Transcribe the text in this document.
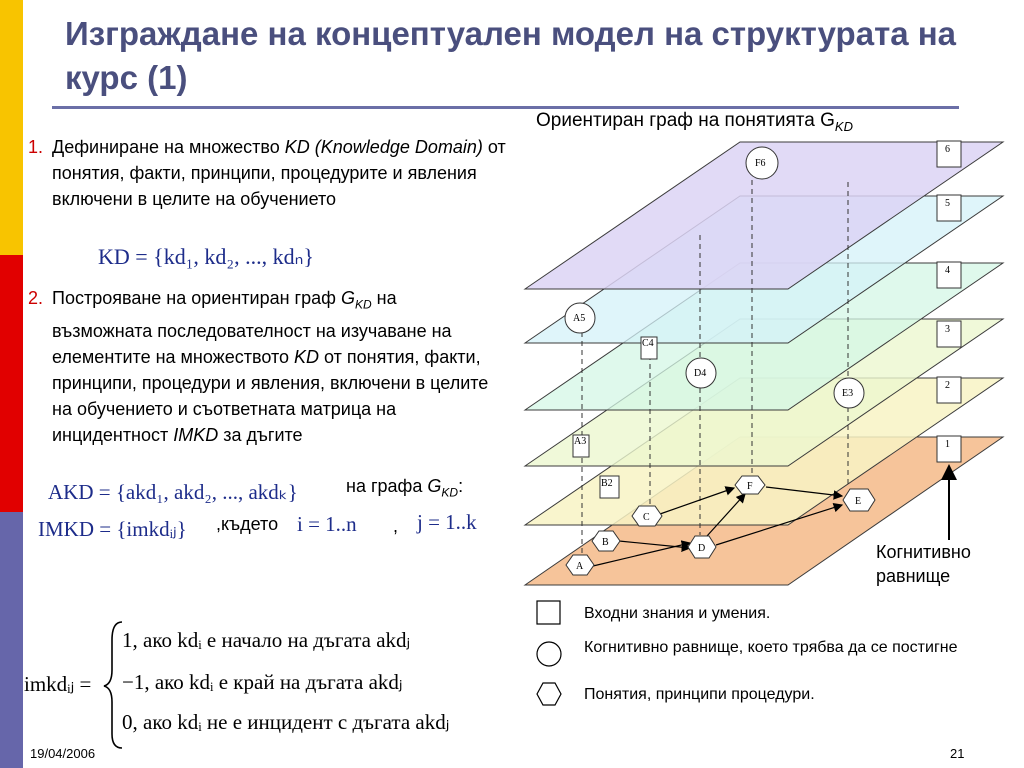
Изграждане на концептуален модел на структурата на курс (1)
Ориентиран граф на понятията $G_{KD}$
1. Дефиниране на множество KD (Knowledge Domain) от понятия, факти, принципи, процедурите и явления включени в целите на обучението
KD = {kd₁, kd₂, ..., kdₙ}
2. Построяване на ориентиран граф $G_{KD}$ на възможната последователност на изучаване на елементите на множеството KD от понятия, факти, принципи, процедури и явления, включени в целите на обучението и съответната матрица на инцидентност IMKD за дъгите
AKD = {akd₁, akd₂, ..., akdₖ}	на графа $G_{KD}$:
IMKD = {imkdᵢⱼ} ,където i = 1..n , j = 1..k
imkdᵢⱼ =
1, ако kdᵢ е начало на дъгата akdⱼ
−1, ако kdᵢ е край на дъгата akdⱼ
0, ако kdᵢ не е инцидент с дъгата akdⱼ
6
5
4
3
2
1
F6
A5
D4
E3
C4
A3
B2	F
E
C
B
D
A
Когнитивно равнище
Входни знания и умения.
Когнитивно равнище, което трябва да се постигне
Понятия, принципи процедури.
19/04/2006	21
